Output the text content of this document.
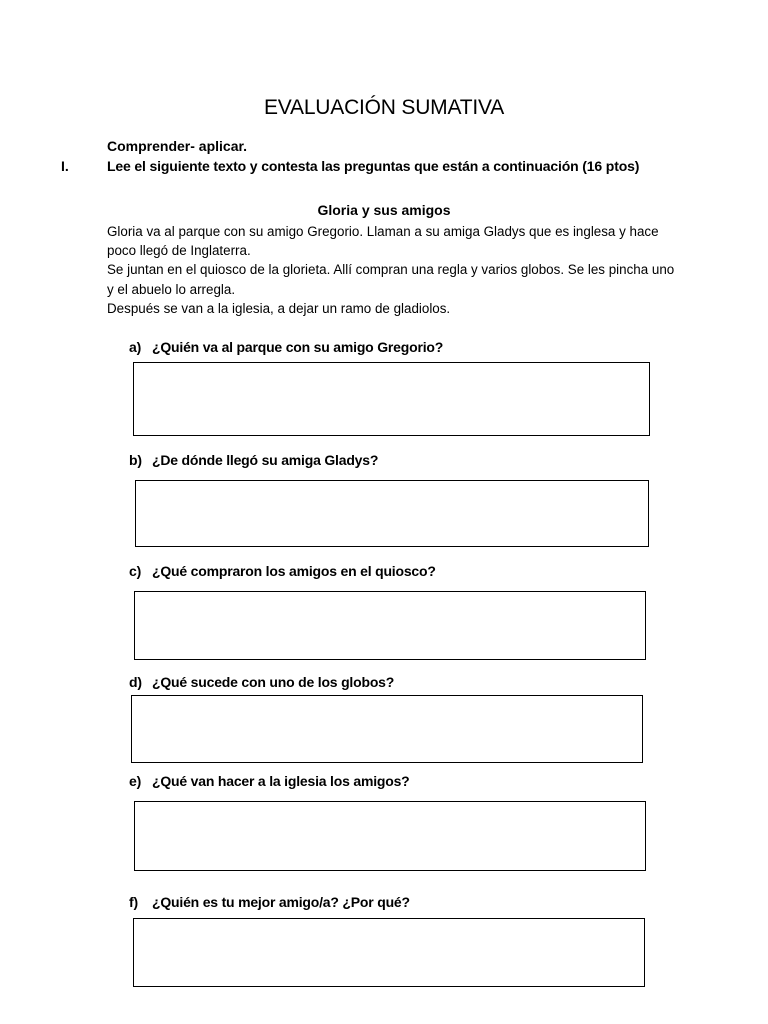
EVALUACIÓN SUMATIVA
Comprender- aplicar.
I.	Lee el siguiente texto y contesta las preguntas que están a continuación (16 ptos)
Gloria y sus amigos

Gloria va al parque con su amigo Gregorio. Llaman a su amiga Gladys que es inglesa y hace poco llegó de Inglaterra.

Se juntan en el quiosco de la glorieta. Allí compran una regla y varios globos. Se les pincha uno y el abuelo lo arregla.

Después se van a la iglesia, a dejar un ramo de gladiolos.

a) ¿Quién va al parque con su amigo Gregorio?
b) ¿De dónde llegó su amiga Gladys?
c) ¿Qué compraron los amigos en el quiosco?
d) ¿Qué sucede con uno de los globos?
e) ¿Qué van hacer a la iglesia los amigos?
f) ¿Quién es tu mejor amigo/a? ¿Por qué?
